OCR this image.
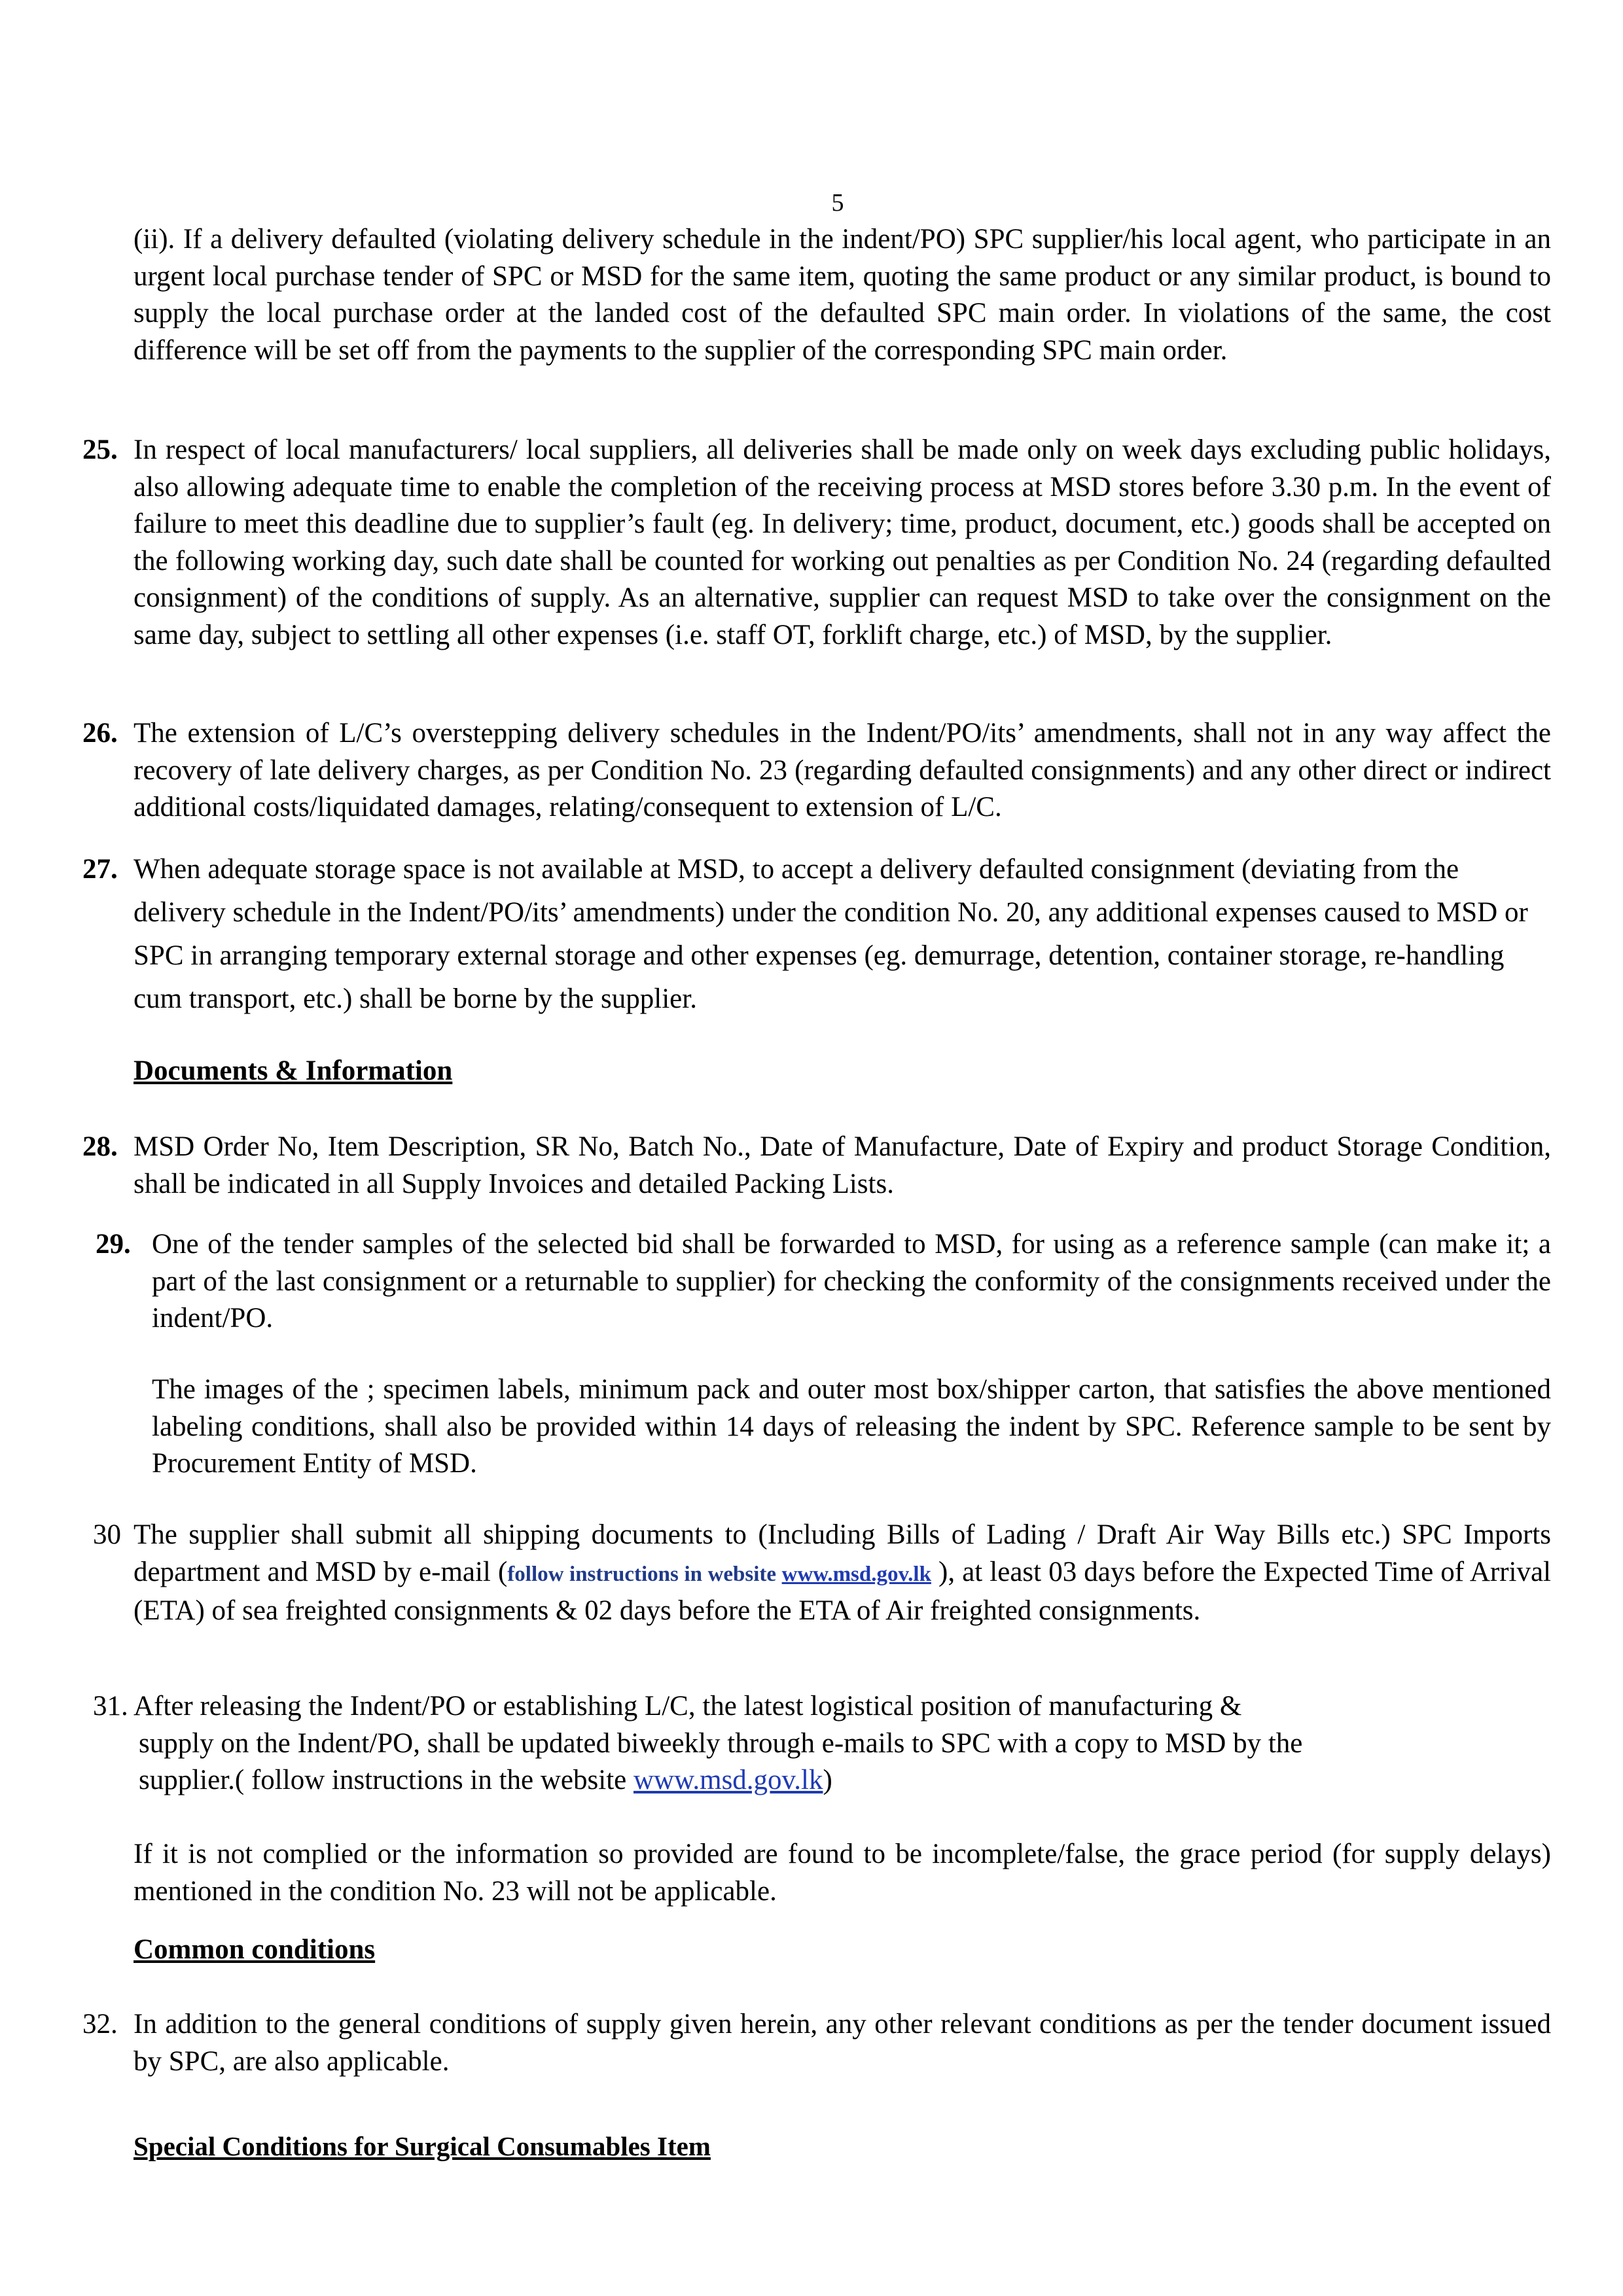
5

(ii). If a delivery defaulted (violating delivery schedule in the indent/PO) SPC supplier/his local agent, who participate in an urgent local purchase tender of SPC or MSD for the same item, quoting the same product or any similar product, is bound to supply the local purchase order at the landed cost of the defaulted SPC main order. In violations of the same, the cost difference will be set off from the payments to the supplier of the corresponding SPC main order.

25. In respect of local manufacturers/ local suppliers, all deliveries shall be made only on week days excluding public holidays, also allowing adequate time to enable the completion of the receiving process at MSD stores before 3.30 p.m. In the event of failure to meet this deadline due to supplier’s fault (eg. In delivery; time, product, document, etc.) goods shall be accepted on the following working day, such date shall be counted for working out penalties as per Condition No. 24 (regarding defaulted consignment) of the conditions of supply. As an alternative, supplier can request MSD to take over the consignment on the same day, subject to settling all other expenses (i.e. staff OT, forklift charge, etc.) of MSD, by the supplier.
26. The extension of L/C’s overstepping delivery schedules in the Indent/PO/its’ amendments, shall not in any way affect the recovery of late delivery charges, as per Condition No. 23 (regarding defaulted consignments) and any other direct or indirect additional costs/liquidated damages, relating/consequent to extension of L/C.
27. When adequate storage space is not available at MSD, to accept a delivery defaulted consignment (deviating from the delivery schedule in the Indent/PO/its’ amendments) under the condition No. 20, any additional expenses caused to MSD or SPC in arranging temporary external storage and other expenses (eg. demurrage, detention, container storage, re-handling cum transport, etc.) shall be borne by the supplier.
Documents & Information
28. MSD Order No, Item Description, SR No, Batch No., Date of Manufacture, Date of Expiry and product Storage Condition, shall be indicated in all Supply Invoices and detailed Packing Lists.
29. One of the tender samples of the selected bid shall be forwarded to MSD, for using as a reference sample (can make it; a part of the last consignment or a returnable to supplier) for checking the conformity of the consignments received under the indent/PO.

The images of the ; specimen labels, minimum pack and outer most box/shipper carton, that satisfies the above mentioned labeling conditions, shall also be provided within 14 days of releasing the indent by SPC. Reference sample to be sent by Procurement Entity of MSD.

30 The supplier shall submit all shipping documents to (Including Bills of Lading / Draft Air Way Bills etc.) SPC Imports department and MSD by e-mail (follow instructions in website www.msd.gov.lk ), at least 03 days before the Expected Time of Arrival (ETA) of sea freighted consignments & 02 days before the ETA of Air freighted consignments.
31. After releasing the Indent/PO or establishing L/C, the latest logistical position of manufacturing &
supply on the Indent/PO, shall be updated biweekly through e-mails to SPC with a copy to MSD by the
supplier.( follow instructions in the website www.msd.gov.lk)

If it is not complied or the information so provided are found to be incomplete/false, the grace period (for supply delays) mentioned in the condition No. 23 will not be applicable.

Common conditions
32. In addition to the general conditions of supply given herein, any other relevant conditions as per the tender document issued by SPC, are also applicable.
Special Conditions for Surgical Consumables Item
